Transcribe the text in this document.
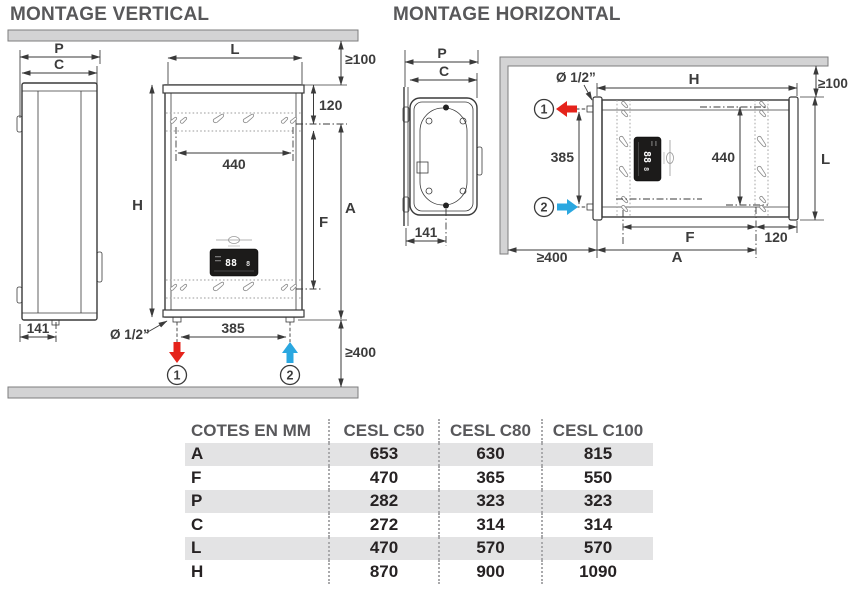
MONTAGE VERTICAL	MONTAGE HORIZONTAL
P
C
141
440
88 8
385
Ø 1/2”
1	2
L
H
≥100
120
A
F
≥400
P
C
141
440
88
8
H	≥100
L
F	120
A
≥400
385
1
2
Ø 1/2”
COTES EN MM	CESL C50	CESL C80	CESL C100
A	653	630	815
F	470	365	550
P	282	323	323
C	272	314	314
L	470	570	570
H	870	900	1090
